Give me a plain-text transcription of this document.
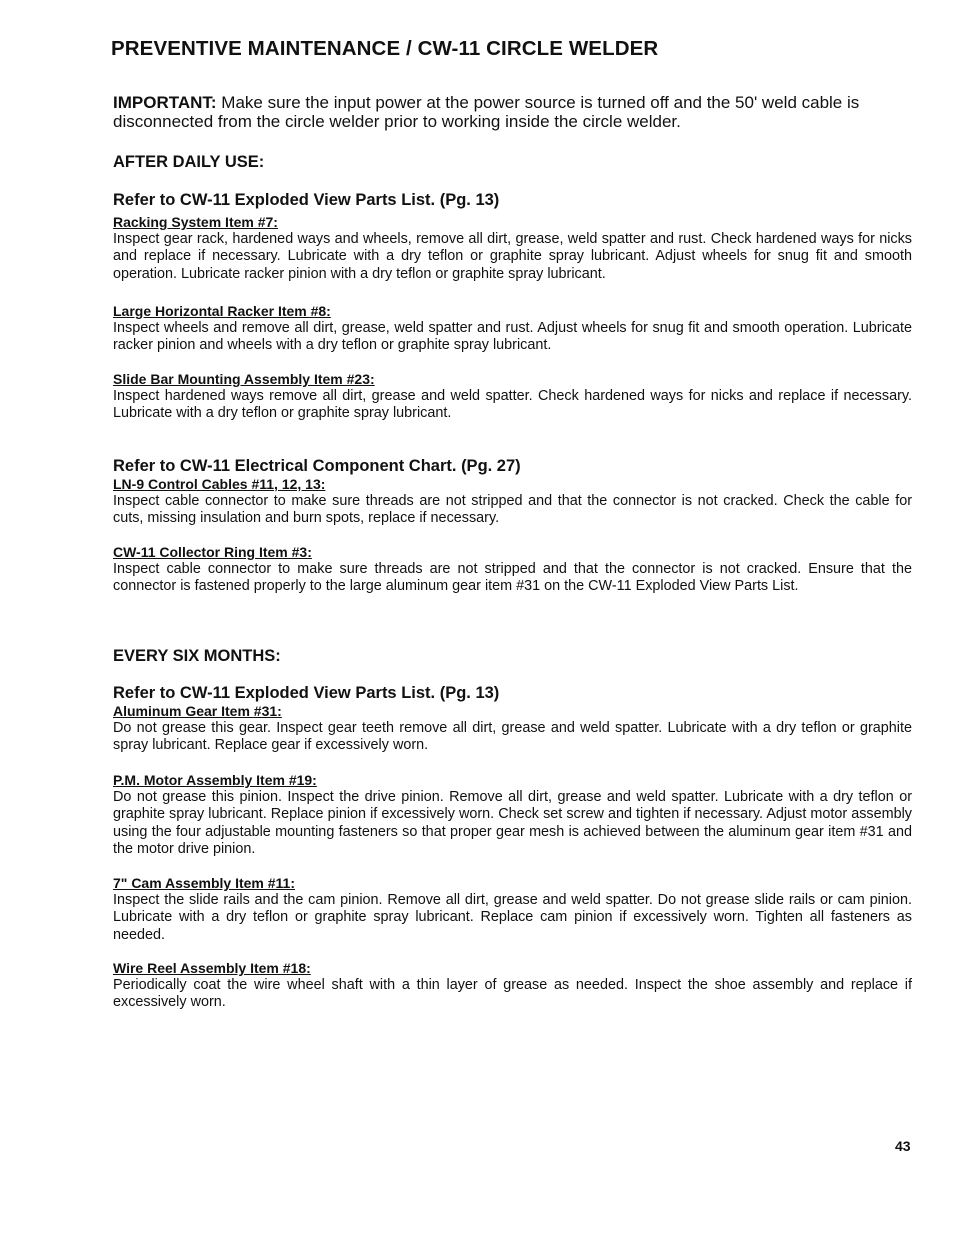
PREVENTIVE MAINTENANCE / CW-11 CIRCLE WELDER

IMPORTANT: Make sure the input power at the power source is turned off and the 50' weld cable is disconnected from the circle welder prior to working inside the circle welder.

AFTER DAILY USE:
Refer to CW-11 Exploded View Parts List. (Pg. 13)

Racking System Item #7:

Inspect gear rack, hardened ways and wheels, remove all dirt, grease, weld spatter and rust. Check hardened ways for nicks and replace if necessary. Lubricate with a dry teflon or graphite spray lubricant. Adjust wheels for snug fit and smooth operation. Lubricate racker pinion with a dry teflon or graphite spray lubricant.

Large Horizontal Racker Item #8:

Inspect wheels and remove all dirt, grease, weld spatter and rust. Adjust wheels for snug fit and smooth operation. Lubricate racker pinion and wheels with a dry teflon or graphite spray lubricant.

Slide Bar Mounting Assembly Item #23:

Inspect hardened ways remove all dirt, grease and weld spatter. Check hardened ways for nicks and replace if necessary. Lubricate with a dry teflon or graphite spray lubricant.

Refer to CW-11 Electrical Component Chart. (Pg. 27)

LN-9 Control Cables #11, 12, 13:

Inspect cable connector to make sure threads are not stripped and that the connector is not cracked. Check the cable for cuts, missing insulation and burn spots, replace if necessary.

CW-11 Collector Ring Item #3:

Inspect cable connector to make sure threads are not stripped and that the connector is not cracked. Ensure that the connector is fastened properly to the large aluminum gear item #31 on the CW-11 Exploded View Parts List.

EVERY SIX MONTHS:
Refer to CW-11 Exploded View Parts List. (Pg. 13)

Aluminum Gear Item #31:

Do not grease this gear. Inspect gear teeth remove all dirt, grease and weld spatter. Lubricate with a dry teflon or graphite spray lubricant. Replace gear if excessively worn.

P.M. Motor Assembly Item #19:

Do not grease this pinion. Inspect the drive pinion. Remove all dirt, grease and weld spatter. Lubricate with a dry teflon or graphite spray lubricant. Replace pinion if excessively worn. Check set screw and tighten if necessary. Adjust motor assembly using the four adjustable mounting fasteners so that proper gear mesh is achieved between the aluminum gear item #31 and the motor drive pinion.

7" Cam Assembly Item #11:

Inspect the slide rails and the cam pinion. Remove all dirt, grease and weld spatter. Do not grease slide rails or cam pinion. Lubricate with a dry teflon or graphite spray lubricant. Replace cam pinion if excessively worn. Tighten all fasteners as needed.

Wire Reel Assembly Item #18:

Periodically coat the wire wheel shaft with a thin layer of grease as needed. Inspect the shoe assembly and replace if excessively worn.

43
